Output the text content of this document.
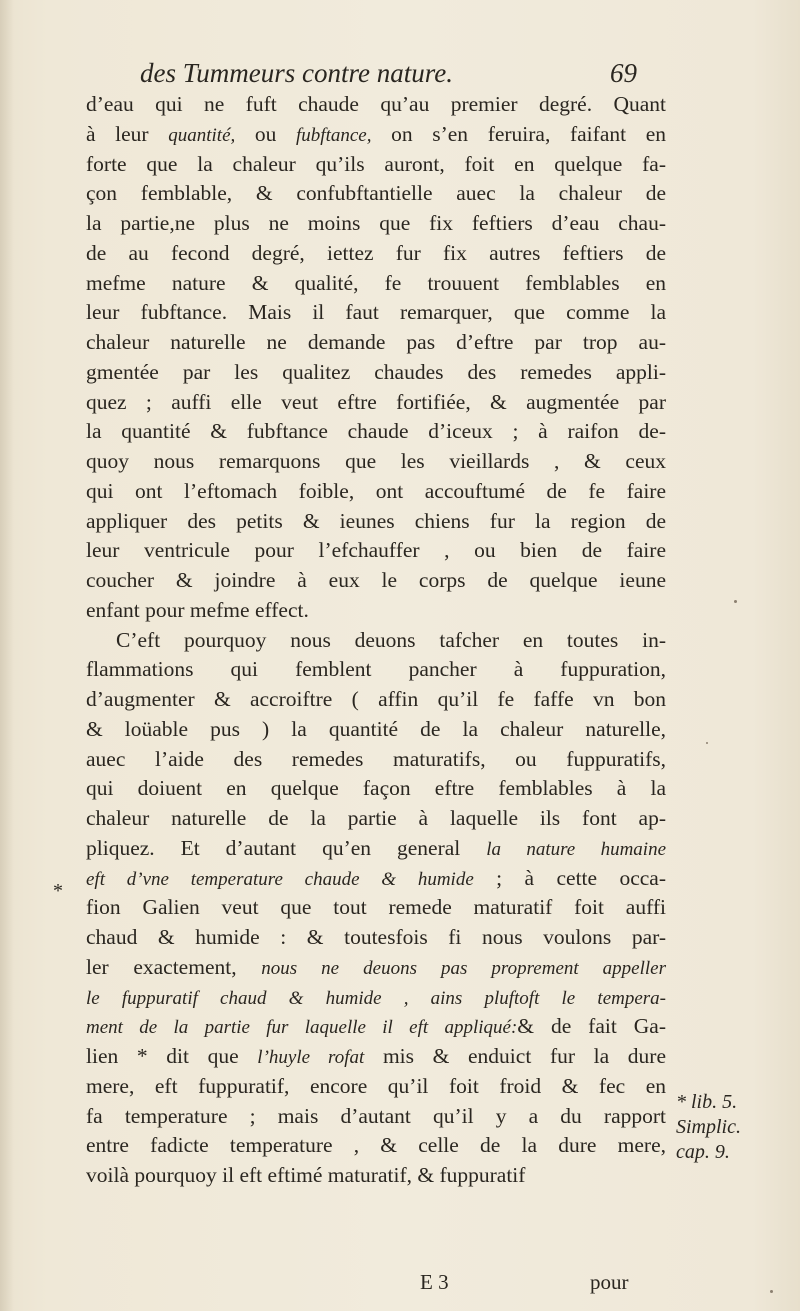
des Tummeurs contre nature.	69
d’eau qui ne fuft chaude qu’au premier degré. Quant
à leur quantité, ou fubftance, on s’en feruira, faifant en
forte que la chaleur qu’ils auront, foit en quelque fa-
çon femblable, & confubftantielle auec la chaleur de
la partie,ne plus ne moins que fix feftiers d’eau chau-
de au fecond degré, iettez fur fix autres feftiers de
mefme nature & qualité, fe trouuent femblables en
leur fubftance. Mais il faut remarquer, que comme la
chaleur naturelle ne demande pas d’eftre par trop au-
gmentée par les qualitez chaudes des remedes appli-
quez ; auffi elle veut eftre fortifiée, & augmentée par
la quantité & fubftance chaude d’iceux ; à raifon de-
quoy nous remarquons que les vieillards , & ceux
qui ont l’eftomach foible, ont accouftumé de fe faire
appliquer des petits & ieunes chiens fur la region de
leur ventricule pour l’efchauffer , ou bien de faire
coucher & joindre à eux le corps de quelque ieune
enfant pour mefme effect.
C’eft pourquoy nous deuons tafcher en toutes in-
flammations qui femblent pancher à fuppuration,
d’augmenter & accroiftre ( affin qu’il fe faffe vn bon
& loüable pus ) la quantité de la chaleur naturelle,
auec l’aide des remedes maturatifs, ou fuppuratifs,
qui doiuent en quelque façon eftre femblables à la
chaleur naturelle de la partie à laquelle ils font ap-
pliquez. Et d’autant qu’en general la nature humaine
eft d’vne temperature chaude & humide ; à cette occa-
fion Galien veut que tout remede maturatif foit auffi
chaud & humide : & toutesfois fi nous voulons par-
ler exactement, nous ne deuons pas proprement appeller
le fuppuratif chaud & humide , ains pluftoft le tempera-
ment de la partie fur laquelle il eft appliqué:& de fait Ga-
lien * dit que l’huyle rofat mis & enduict fur la dure
mere, eft fuppuratif, encore qu’il foit froid & fec en
fa temperature ; mais d’autant qu’il y a du rapport
entre fadicte temperature , & celle de la dure mere,
voilà pourquoy il eft eftimé maturatif, & fuppuratif
*
* lib. 5.
Simplic.
cap. 9.
E 3	pour
